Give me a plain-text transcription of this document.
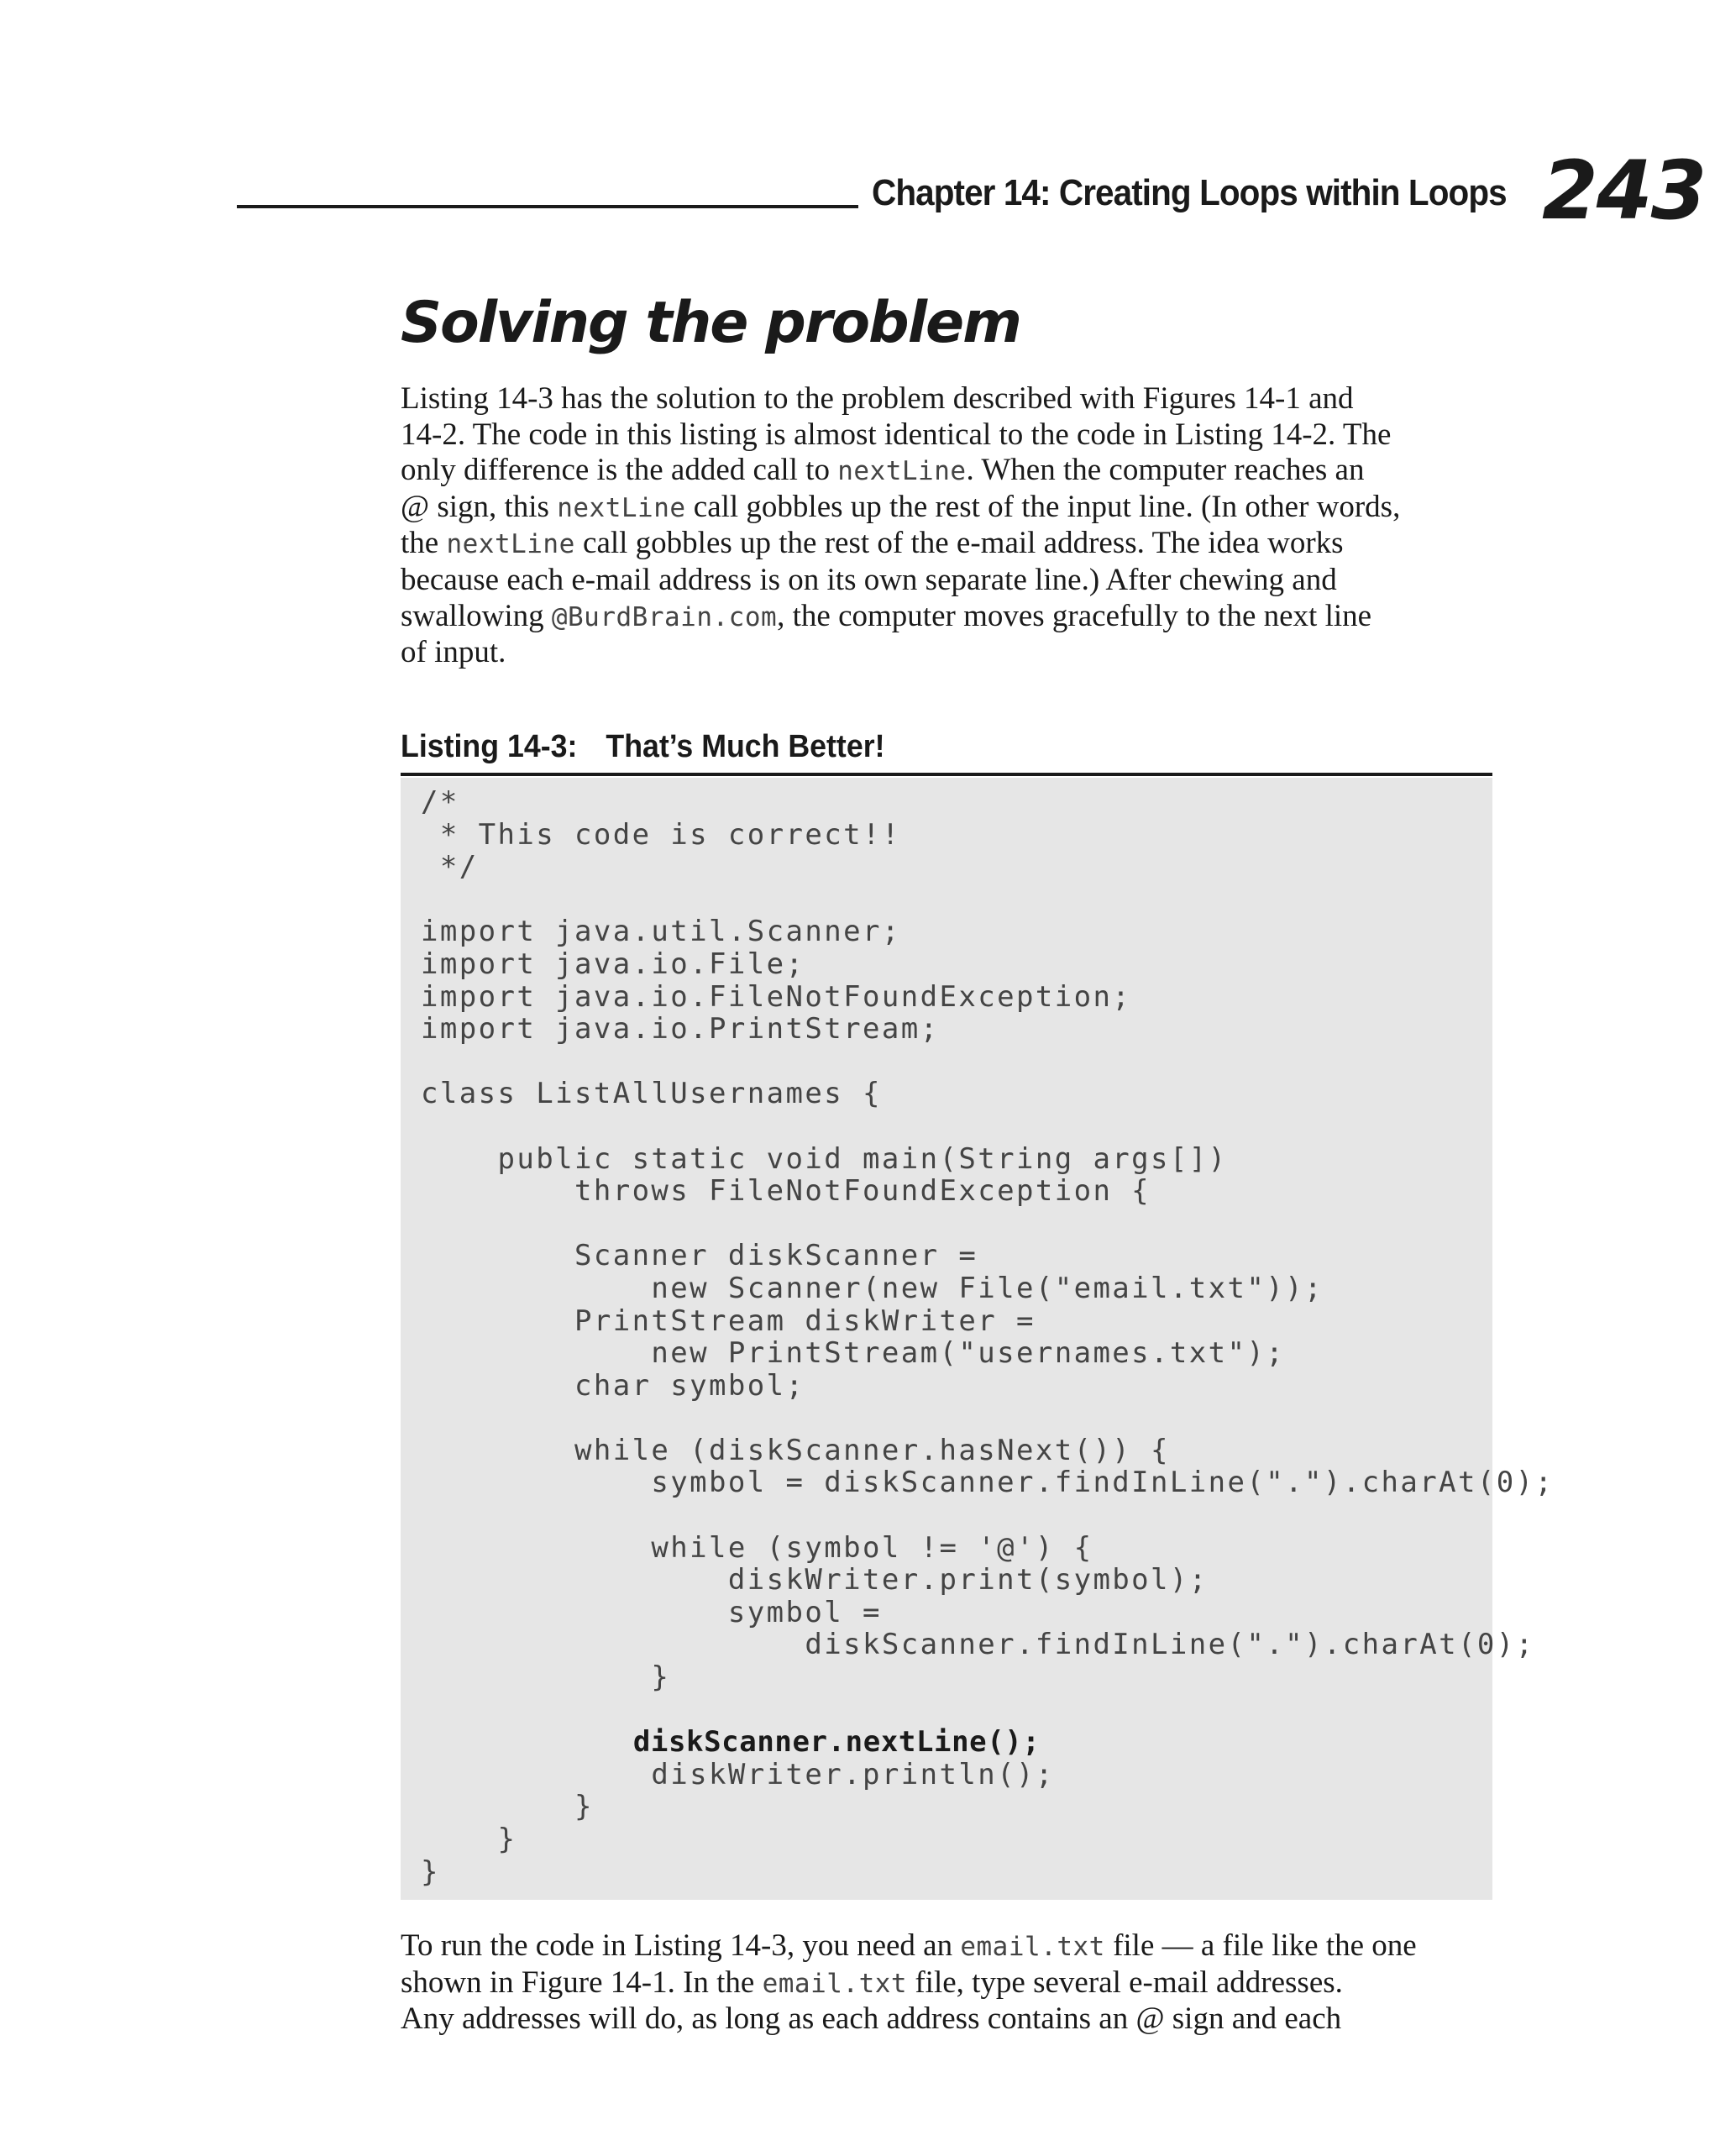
Chapter 14: Creating Loops within Loops 243
Solving the problem

Listing 14-3 has the solution to the problem described with Figures 14-1 and
14-2. The code in this listing is almost identical to the code in Listing 14-2. The
only difference is the added call to nextLine. When the computer reaches an
@ sign, this nextLine call gobbles up the rest of the input line. (In other words,
the nextLine call gobbles up the rest of the e-mail address. The idea works
because each e-mail address is on its own separate line.) After chewing and
swallowing @BurdBrain.com, the computer moves gracefully to the next line
of input.

Listing 14-3: That’s Much Better!
/*
* This code is correct!!
*/
import java.util.Scanner;
import java.io.File;
import java.io.FileNotFoundException;
import java.io.PrintStream;
class ListAllUsernames {
public static void main(String args[])
throws FileNotFoundException {
Scanner diskScanner =
new Scanner(new File("email.txt"));
PrintStream diskWriter =
new PrintStream("usernames.txt");
char symbol;
while (diskScanner.hasNext()) {
symbol = diskScanner.findInLine(".").charAt(0);
while (symbol != '@') {
diskWriter.print(symbol);
symbol =
diskScanner.findInLine(".").charAt(0);
}
diskScanner.nextLine();
diskWriter.println();
}
}
}

To run the code in Listing 14-3, you need an email.txt file — a file like the one
shown in Figure 14-1. In the email.txt file, type several e-mail addresses.
Any addresses will do, as long as each address contains an @ sign and each
